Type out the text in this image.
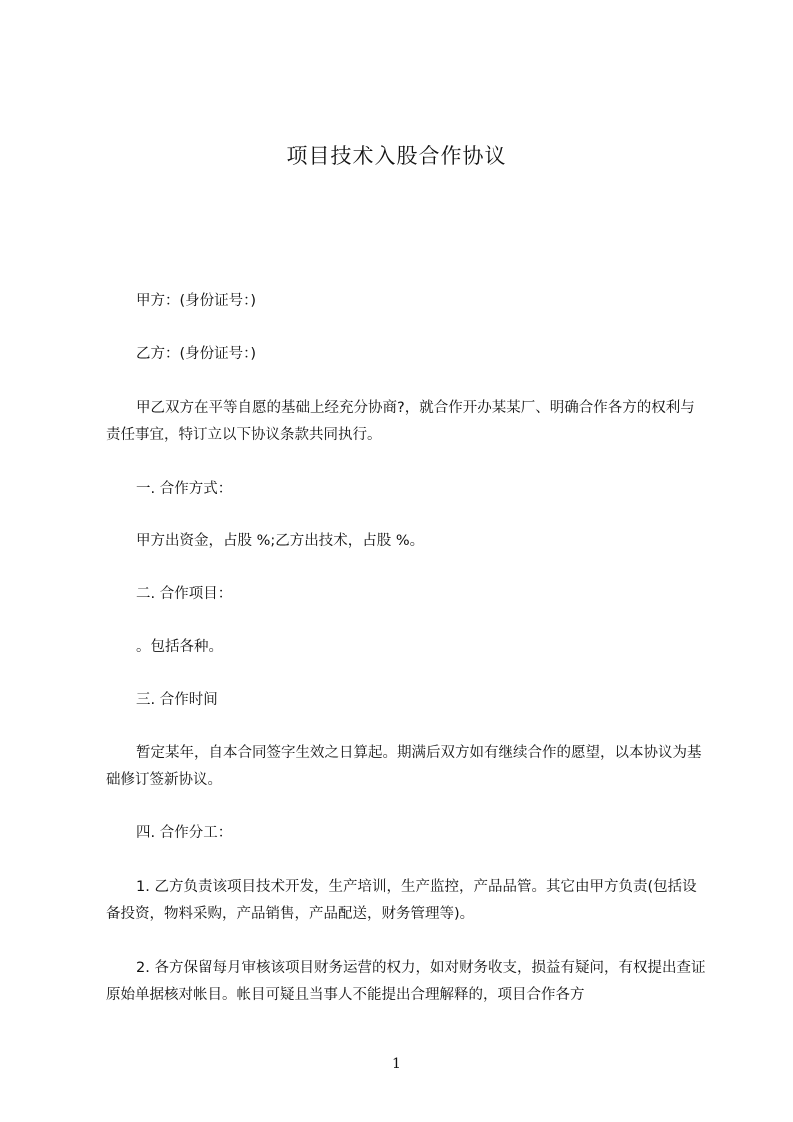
项目技术入股合作协议

甲方：(身份证号：)

乙方：(身份证号：)

甲乙双方在平等自愿的基础上经充分协商?，就合作开办某某厂、明确合作各方的权利与责任事宜，特订立以下协议条款共同执行。

一. 合作方式：

甲方出资金，占股 %;乙方出技术，占股 %。

二. 合作项目：

。包括各种。

三. 合作时间

暂定某年，自本合同签字生效之日算起。期满后双方如有继续合作的愿望，以本协议为基础修订签新协议。

四. 合作分工：

1. 乙方负责该项目技术开发，生产培训，生产监控，产品品管。其它由甲方负责(包括设备投资，物料采购，产品销售，产品配送，财务管理等)。

2. 各方保留每月审核该项目财务运营的权力，如对财务收支，损益有疑问，有权提出查证原始单据核对帐目。帐目可疑且当事人不能提出合理解释的，项目合作各方

1
